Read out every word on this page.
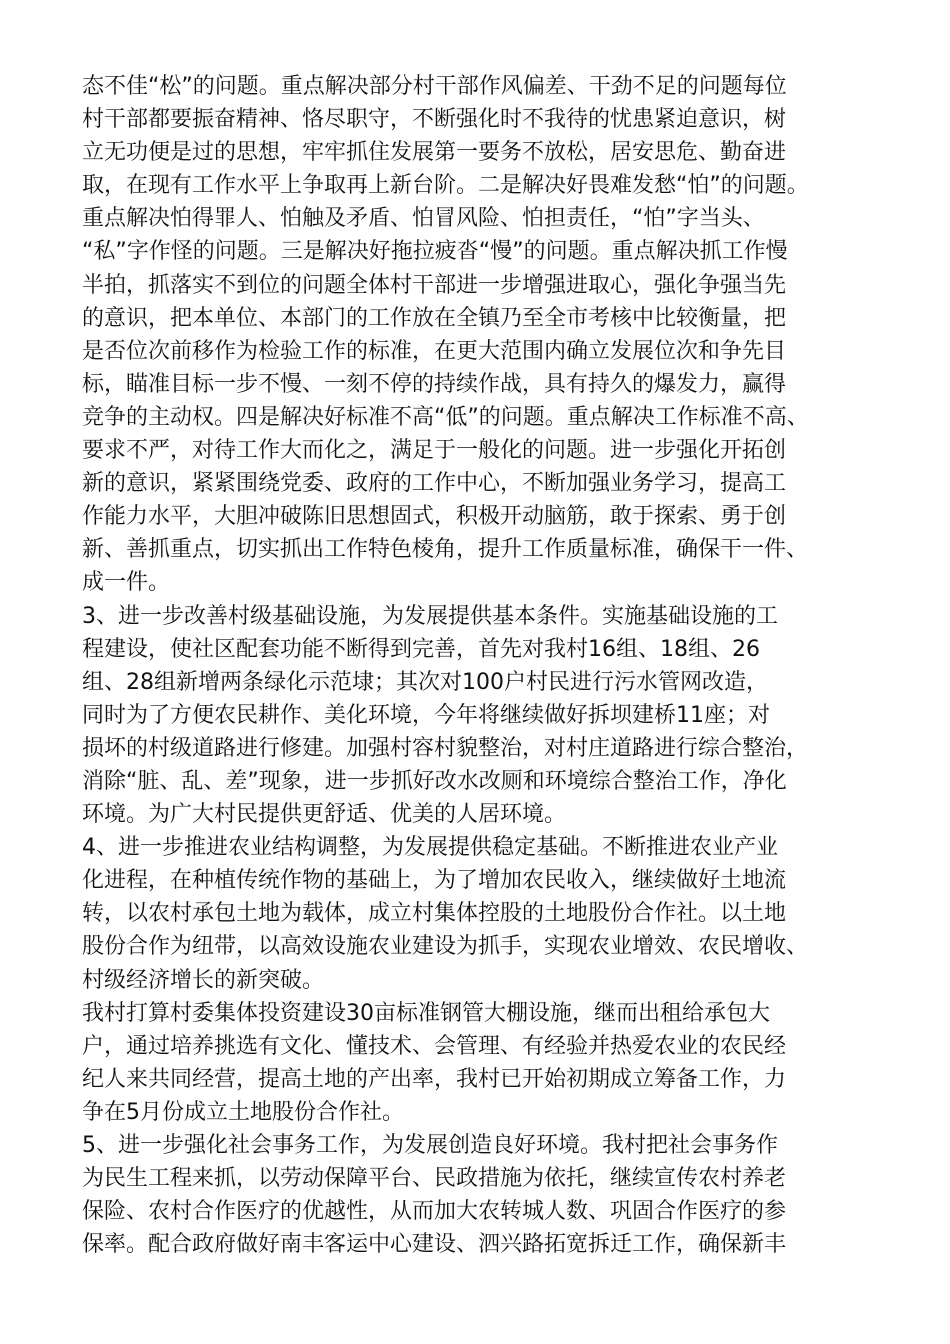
态不佳“松”的问题。重点解决部分村干部作风偏差、干劲不足的问题每位
村干部都要振奋精神、恪尽职守，不断强化时不我待的忧患紧迫意识，树
立无功便是过的思想，牢牢抓住发展第一要务不放松，居安思危、勤奋进
取，在现有工作水平上争取再上新台阶。二是解决好畏难发愁“怕”的问题。
重点解决怕得罪人、怕触及矛盾、怕冒风险、怕担责任，“怕”字当头、
“私”字作怪的问题。三是解决好拖拉疲沓“慢”的问题。重点解决抓工作慢
半拍，抓落实不到位的问题全体村干部进一步增强进取心，强化争强当先
的意识，把本单位、本部门的工作放在全镇乃至全市考核中比较衡量，把
是否位次前移作为检验工作的标准，在更大范围内确立发展位次和争先目
标，瞄准目标一步不慢、一刻不停的持续作战，具有持久的爆发力，赢得
竞争的主动权。四是解决好标准不高“低”的问题。重点解决工作标准不高、
要求不严，对待工作大而化之，满足于一般化的问题。进一步强化开拓创
新的意识，紧紧围绕党委、政府的工作中心，不断加强业务学习，提高工
作能力水平，大胆冲破陈旧思想固式，积极开动脑筋，敢于探索、勇于创
新、善抓重点，切实抓出工作特色棱角，提升工作质量标准，确保干一件、
成一件。
3、进一步改善村级基础设施，为发展提供基本条件。实施基础设施的工
程建设，使社区配套功能不断得到完善，首先对我村16组、18组、26
组、28组新增两条绿化示范埭；其次对100户村民进行污水管网改造，
同时为了方便农民耕作、美化环境，今年将继续做好拆坝建桥11座；对
损坏的村级道路进行修建。加强村容村貌整治，对村庄道路进行综合整治，
消除“脏、乱、差”现象，进一步抓好改水改厕和环境综合整治工作，净化
环境。为广大村民提供更舒适、优美的人居环境。
4、进一步推进农业结构调整，为发展提供稳定基础。不断推进农业产业
化进程，在种植传统作物的基础上，为了增加农民收入，继续做好土地流
转，以农村承包土地为载体，成立村集体控股的土地股份合作社。以土地
股份合作为纽带，以高效设施农业建设为抓手，实现农业增效、农民增收、
村级经济增长的新突破。
我村打算村委集体投资建设30亩标准钢管大棚设施，继而出租给承包大
户，通过培养挑选有文化、懂技术、会管理、有经验并热爱农业的农民经
纪人来共同经营，提高土地的产出率，我村已开始初期成立筹备工作，力
争在5月份成立土地股份合作社。
5、进一步强化社会事务工作，为发展创造良好环境。我村把社会事务作
为民生工程来抓，以劳动保障平台、民政措施为依托，继续宣传农村养老
保险、农村合作医疗的优越性，从而加大农转城人数、巩固合作医疗的参
保率。配合政府做好南丰客运中心建设、泗兴路拓宽拆迁工作，确保新丰
